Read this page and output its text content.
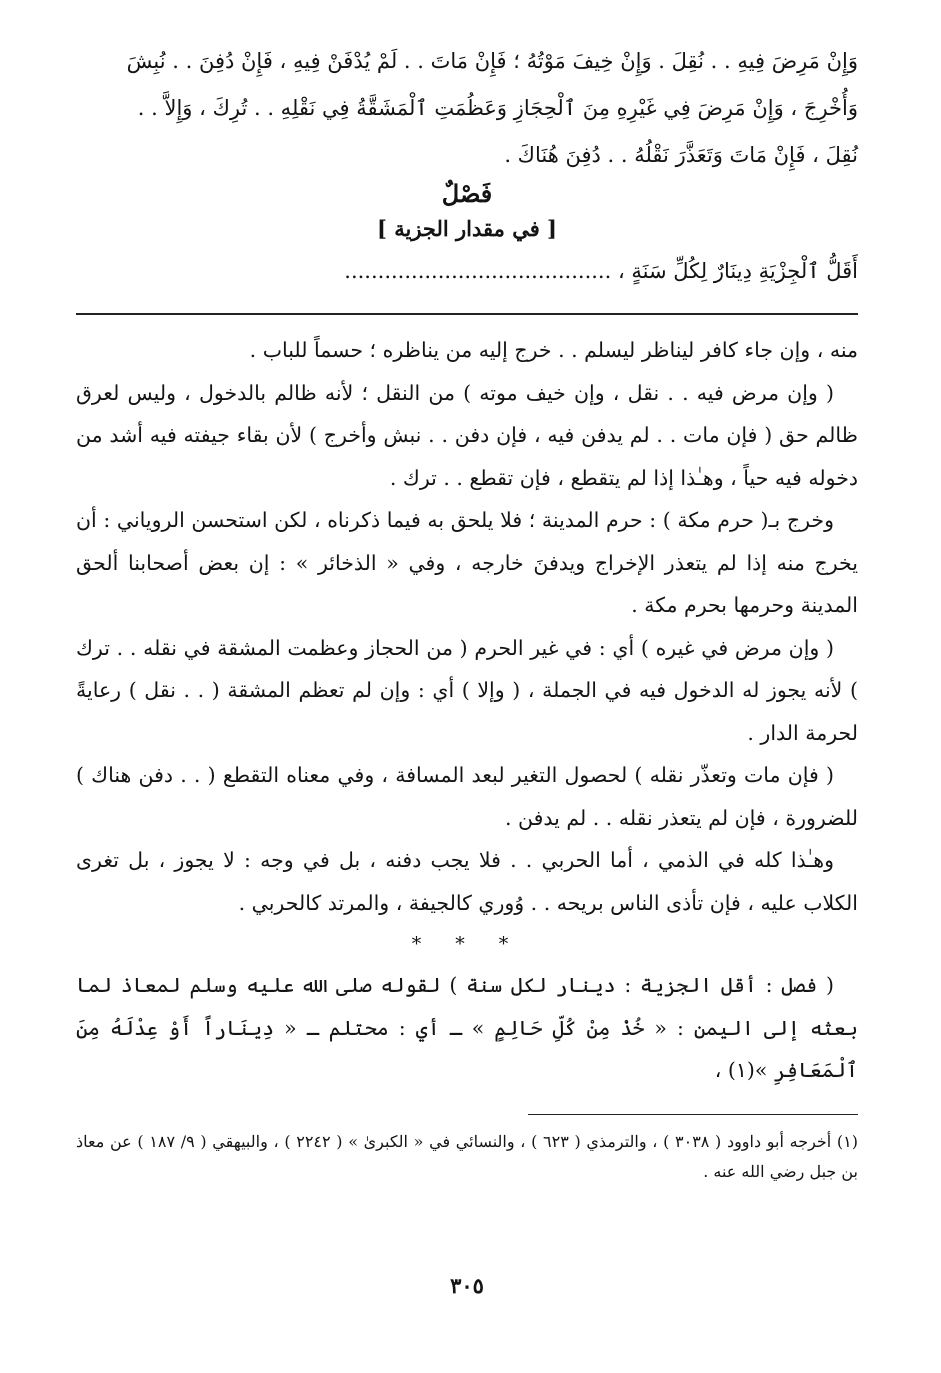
وَإِنْ مَرِضَ فِيهِ . . نُقِلَ . وَإِنْ خِيفَ مَوْتُهُ ؛ فَإِنْ مَاتَ . . لَمْ يُدْفَنْ فِيهِ ، فَإِنْ دُفِنَ . . نُبِشَ

وَأُخْرِجَ ، وَإِنْ مَرِضَ فِي غَيْرِهِ مِنَ ٱلْحِجَازِ وَعَظُمَتِ ٱلْمَشَقَّةُ فِي نَقْلِهِ . . تُرِكَ ، وَإِلاَّ . .

نُقِلَ ، فَإِنْ مَاتَ وَتَعَذَّرَ نَقْلُهُ . . دُفِنَ هُنَاكَ .

فَصْلٌ
[ في مقدار الجزية ]

أَقَلُّ ٱلْجِزْيَةِ دِينَارٌ لِكُلِّ سَنَةٍ ، ........................................

منه ، وإن جاء كافر ليناظر ليسلم . . خرج إليه من يناظره ؛ حسماً للباب .

( وإن مرض فيه . . نقل ، وإن خيف موته ) من النقل ؛ لأنه ظالم بالدخول ، وليس لعرق ظالم حق ( فإن مات . . لم يدفن فيه ، فإن دفن . . نبش وأخرج ) لأن بقاء جيفته فيه أشد من دخوله فيه حياً ، وهـٰذا إذا لم يتقطع ، فإن تقطع . . ترك .

وخرج بـ( حرم مكة ) : حرم المدينة ؛ فلا يلحق به فيما ذكرناه ، لكن استحسن الروياني : أن يخرج منه إذا لم يتعذر الإخراج ويدفنَ خارجه ، وفي « الذخائر » : إن بعض أصحابنا ألحق المدينة وحرمها بحرم مكة .

( وإن مرض في غيره ) أي : في غير الحرم ( من الحجاز وعظمت المشقة في نقله . . ترك ) لأنه يجوز له الدخول فيه في الجملة ، ( وإلا ) أي : وإن لم تعظم المشقة ( . . نقل ) رعايةً لحرمة الدار .

( فإن مات وتعذّر نقله ) لحصول التغير لبعد المسافة ، وفي معناه التقطع ( . . دفن هناك ) للضرورة ، فإن لم يتعذر نقله . . لم يدفن .

وهـٰذا كله في الذمي ، أما الحربي . . فلا يجب دفنه ، بل في وجه : لا يجوز ، بل تغرى الكلاب عليه ، فإن تأذى الناس بريحه . . وُوري كالجيفة ، والمرتد كالحربي .

* * *

( فصل : أقل الجزية : دينار لكل سنة ) لقوله صلى الله عليه وسلم لمعاذ لما بعثه إلى اليمن : « خُذْ مِنْ كُلِّ حَالِمٍ » ـ أي : محتلم ـ « دِينَاراً أَوْ عِدْلَهُ مِنَ ٱلْمَعَافِرِ »(١) ،

(١) أخرجه أبو داوود ( ٣٠٣٨ ) ، والترمذي ( ٦٢٣ ) ، والنسائي في « الكبرىٰ » ( ٢٢٤٢ ) ، والبيهقي ( ٩/ ١٨٧ ) عن معاذ بن جبل رضي الله عنه .

٣٠٥
